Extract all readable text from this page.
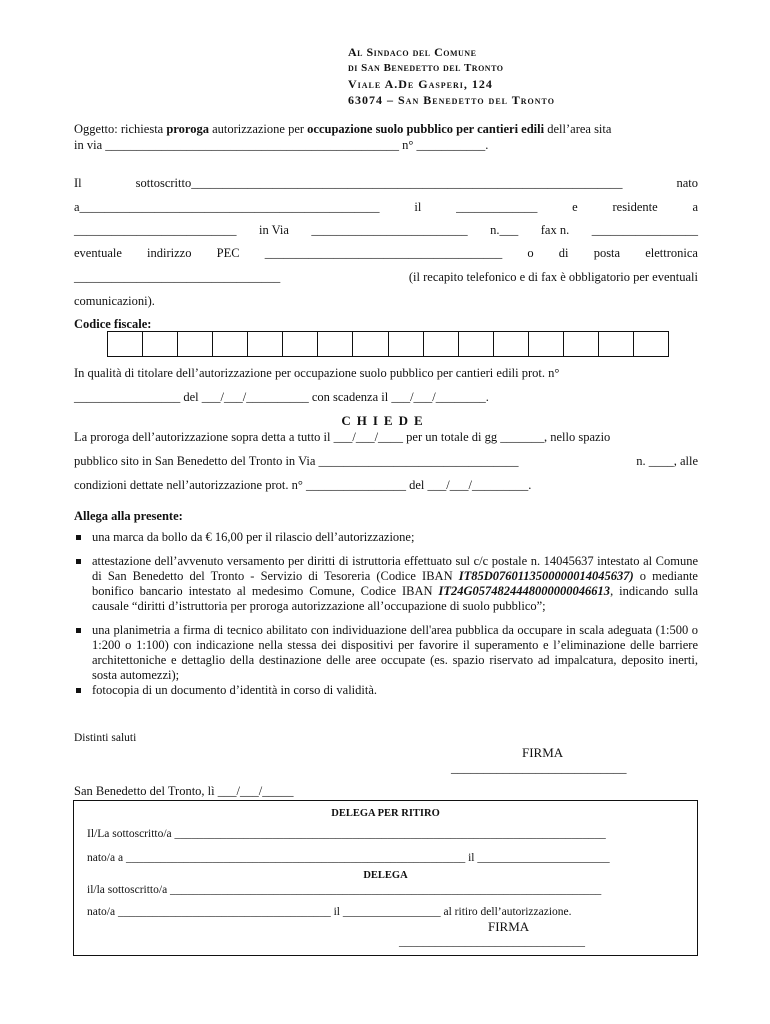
Al Sindaco del Comune
di San Benedetto del Tronto
Viale A.De Gasperi, 124
63074 – San Benedetto del Tronto
Oggetto: richiesta proroga autorizzazione per occupazione suolo pubblico per cantieri edili dell’area sita
in via _______________________________________________ n° ___________.
Il	sottoscritto_____________________________________________________________________	nato
a________________________________________________	il	_____________	e	residente	a
__________________________ in Via _________________________ n.___ fax n. _________________
eventuale indirizzo PEC ______________________________________ o di posta elettronica
_________________________________	(il recapito telefonico e di fax è obbligatorio per eventuali
comunicazioni).
Codice fiscale:
In qualità di titolare dell’autorizzazione per occupazione suolo pubblico per cantieri edili prot. n°
_________________ del ___/___/__________ con scadenza il ___/___/________.
CHIEDE
La proroga dell’autorizzazione sopra detta a tutto il ___/___/____ per un totale di gg _______, nello spazio
pubblico sito in San Benedetto del Tronto in Via ________________________________	n. ____, alle
condizioni dettate nell’autorizzazione prot. n° ________________ del ___/___/_________.
Allega alla presente:
una marca da bollo da € 16,00 per il rilascio dell’autorizzazione;
attestazione dell’avvenuto versamento per diritti di istruttoria effettuato sul c/c postale n. 14045637 intestato al Comune di San Benedetto del Tronto - Servizio di Tesoreria (Codice IBAN IT85D0760113500000014045637) o mediante bonifico bancario intestato al medesimo Comune, Codice IBAN IT24G0574824448000000046613, indicando sulla causale “diritti d’istruttoria per proroga autorizzazione all’occupazione di suolo pubblico”;
una planimetria a firma di tecnico abilitato con individuazione dell'area pubblica da occupare in scala adeguata (1:500 o 1:200 o 1:100) con indicazione nella stessa dei dispositivi per favorire il superamento e l’eliminazione delle barriere architettoniche e dettaglio della destinazione delle aree occupate (es. spazio riservato ad impalcatura, deposito inerti, sosta automezzi);
fotocopia di un documento d’identità in corso di validità.
Distinti saluti
FIRMA
___________________________
San Benedetto del Tronto, lì ___/___/_____
DELEGA PER RITIRO
Il/La sottoscritto/a ___________________________________________________________________________
nato/a a ___________________________________________________________ il _______________________
DELEGA
il/la sottoscritto/a ___________________________________________________________________________
nato/a _____________________________________ il _________________ al ritiro dell’autorizzazione.
FIRMA
_______________________________
